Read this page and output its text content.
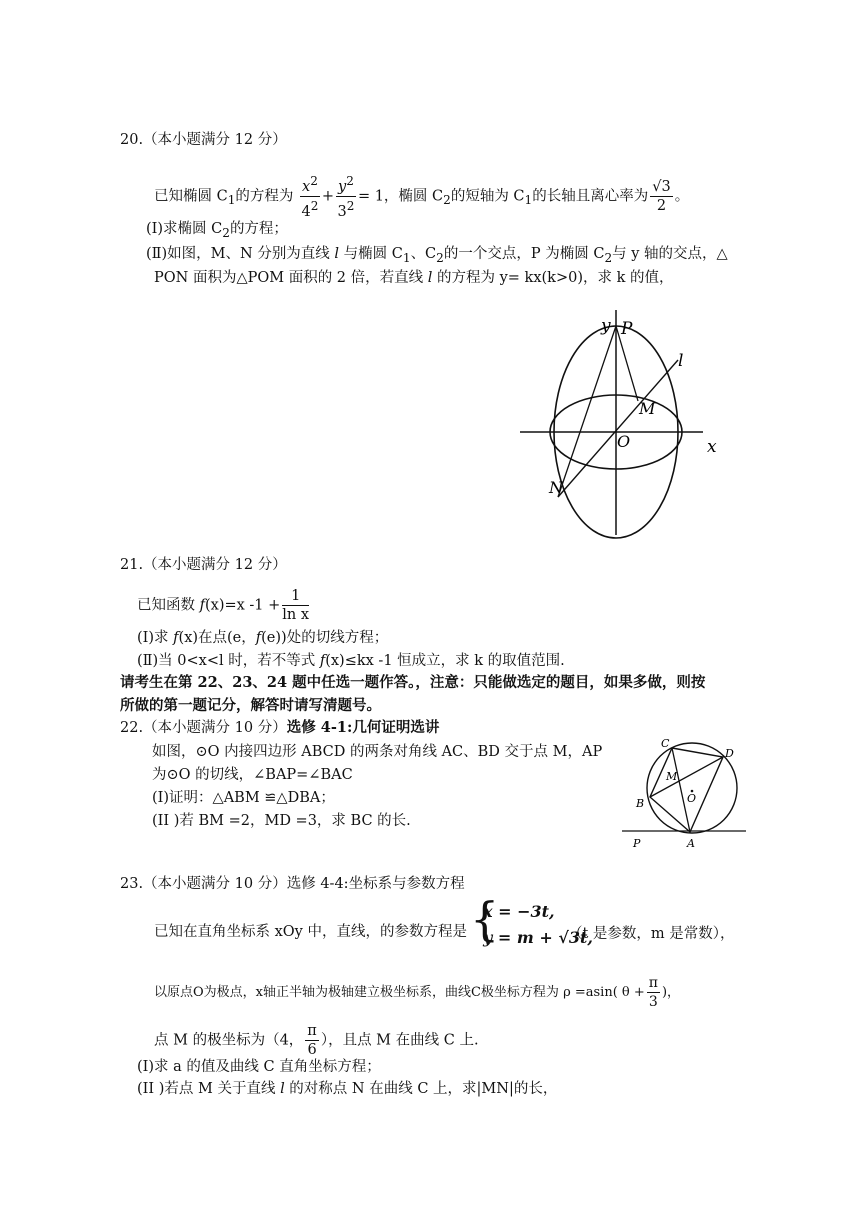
20.（本小题满分 12 分）
已知椭圆 $C_1$的方程为 $\frac{x^2}{4^2} + \frac{y^2}{3^2} = 1$，椭圆 $C_2$的短轴为 $C_1$的长轴且离心率为 $\frac{√3}{2}$ 。
(I)求椭圆 $C_2$的方程；
(Ⅱ)如图，M、N 分别为直线 l 与椭圆 $C_1$、$C_2$的一个交点，P 为椭圆 $C_2$与 y 轴的交点，△
PON 面积为△POM 面积的 2 倍，若直线 l 的方程为 y= kx(k>0)，求 k 的值，
y P
l
M
O	x
N
21.（本小题满分 12 分）
已知函数 f(x)=x $-1 + \frac{1}{\text{ln x}}$
(I)求 f(x)在点(e，f(e))处的切线方程；
(Ⅱ)当 0<x<l 时，若不等式 f(x)≤kx -1 恒成立，求 k 的取值范围.
请考生在第 22、23、24 题中任选一题作答。，注意：只能做选定的题目，如果多做，则按
所做的第一题记分，解答时请写清题号。
22.（本小题满分 10 分）选修 4-1:几何证明选讲
如图，⊙O 内接四边形 ABCD 的两条对角线 AC、BD 交于点 M，AP
为⊙O 的切线，∠BAP=∠BAC
(I)证明：△ABM ≌△DBA；
(II )若 BM =2，MD =3，求 BC 的长.
C
D
M
O
B
P	A
23.（本小题满分 10 分）选修 4-4:坐标系与参数方程
已知在直角坐标系 xOy 中，直线，的参数方程是 {
x = −3t,
y = m + √3t,
（t 是参数，m 是常数），
以原点O为极点，x轴正半轴为极轴建立极坐标系，曲线C极坐标方程为 ρ =asin( $\theta + \frac{\pi}{3}$ )，
点 M 的极坐标为（4， $\frac{\pi}{6}$ ），且点 M 在曲线 C 上.
(I)求 a 的值及曲线 C 直角坐标方程；
(II )若点 M 关于直线 l 的对称点 N 在曲线 C 上，求|MN|的长，
